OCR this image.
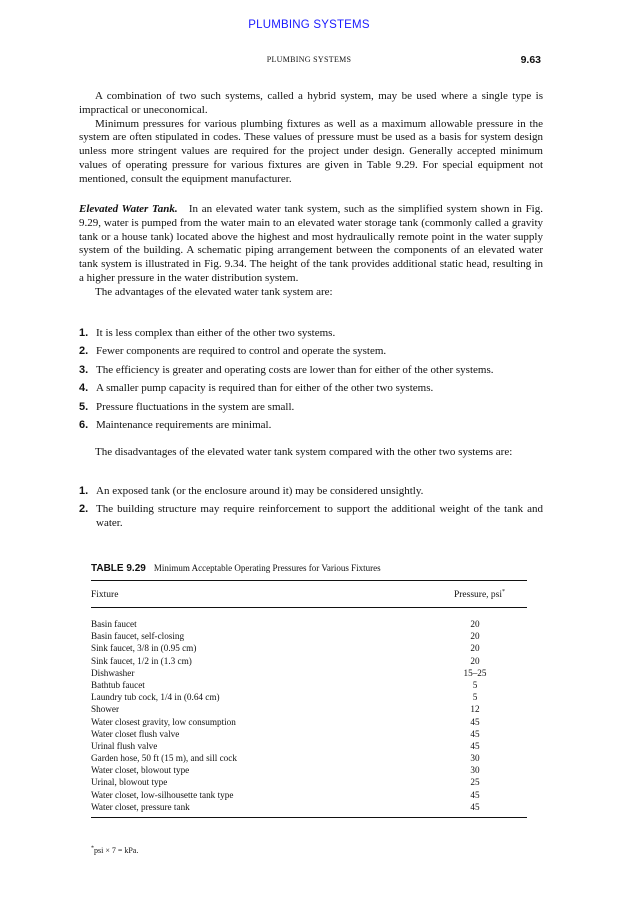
PLUMBING SYSTEMS
PLUMBING SYSTEMS	9.63

A combination of two such systems, called a hybrid system, may be used where a single type is impractical or uneconomical.

Minimum pressures for various plumbing fixtures as well as a maximum allowable pressure in the system are often stipulated in codes. These values of pressure must be used as a basis for system design unless more stringent values are required for the project under design. Generally accepted minimum values of operating pressure for various fixtures are given in Table 9.29. For special equipment not mentioned, consult the equipment manufacturer.

Elevated Water Tank. In an elevated water tank system, such as the simplified system shown in Fig. 9.29, water is pumped from the water main to an elevated water storage tank (commonly called a gravity tank or a house tank) located above the highest and most hydraulically remote point in the water supply system of the building. A schematic piping arrangement between the components of an elevated water tank system is illustrated in Fig. 9.34. The height of the tank provides additional static head, resulting in a higher pressure in the water distribution system.

The advantages of the elevated water tank system are:

1. It is less complex than either of the other two systems.
2. Fewer components are required to control and operate the system.
3. The efficiency is greater and operating costs are lower than for either of the other systems.
4. A smaller pump capacity is required than for either of the other two systems.
5. Pressure fluctuations in the system are small.
6. Maintenance requirements are minimal.

The disadvantages of the elevated water tank system compared with the other two systems are:

1. An exposed tank (or the enclosure around it) may be considered unsightly.
2. The building structure may require reinforcement to support the additional weight of the tank and water.
TABLE 9.29 Minimum Acceptable Operating Pressures for Various Fixtures
Fixture	Pressure, psi*
Basin faucet	20
Basin faucet, self-closing	20
Sink faucet, 3/8 in (0.95 cm)	20
Sink faucet, 1/2 in (1.3 cm)	20
Dishwasher	15–25
Bathtub faucet	5
Laundry tub cock, 1/4 in (0.64 cm)	5
Shower	12
Water closest gravity, low consumption	45
Water closet flush valve	45
Urinal flush valve	45
Garden hose, 50 ft (15 m), and sill cock	30
Water closet, blowout type	30
Urinal, blowout type	25
Water closet, low-silhousette tank type	45
Water closet, pressure tank	45
*psi × 7 = kPa.
